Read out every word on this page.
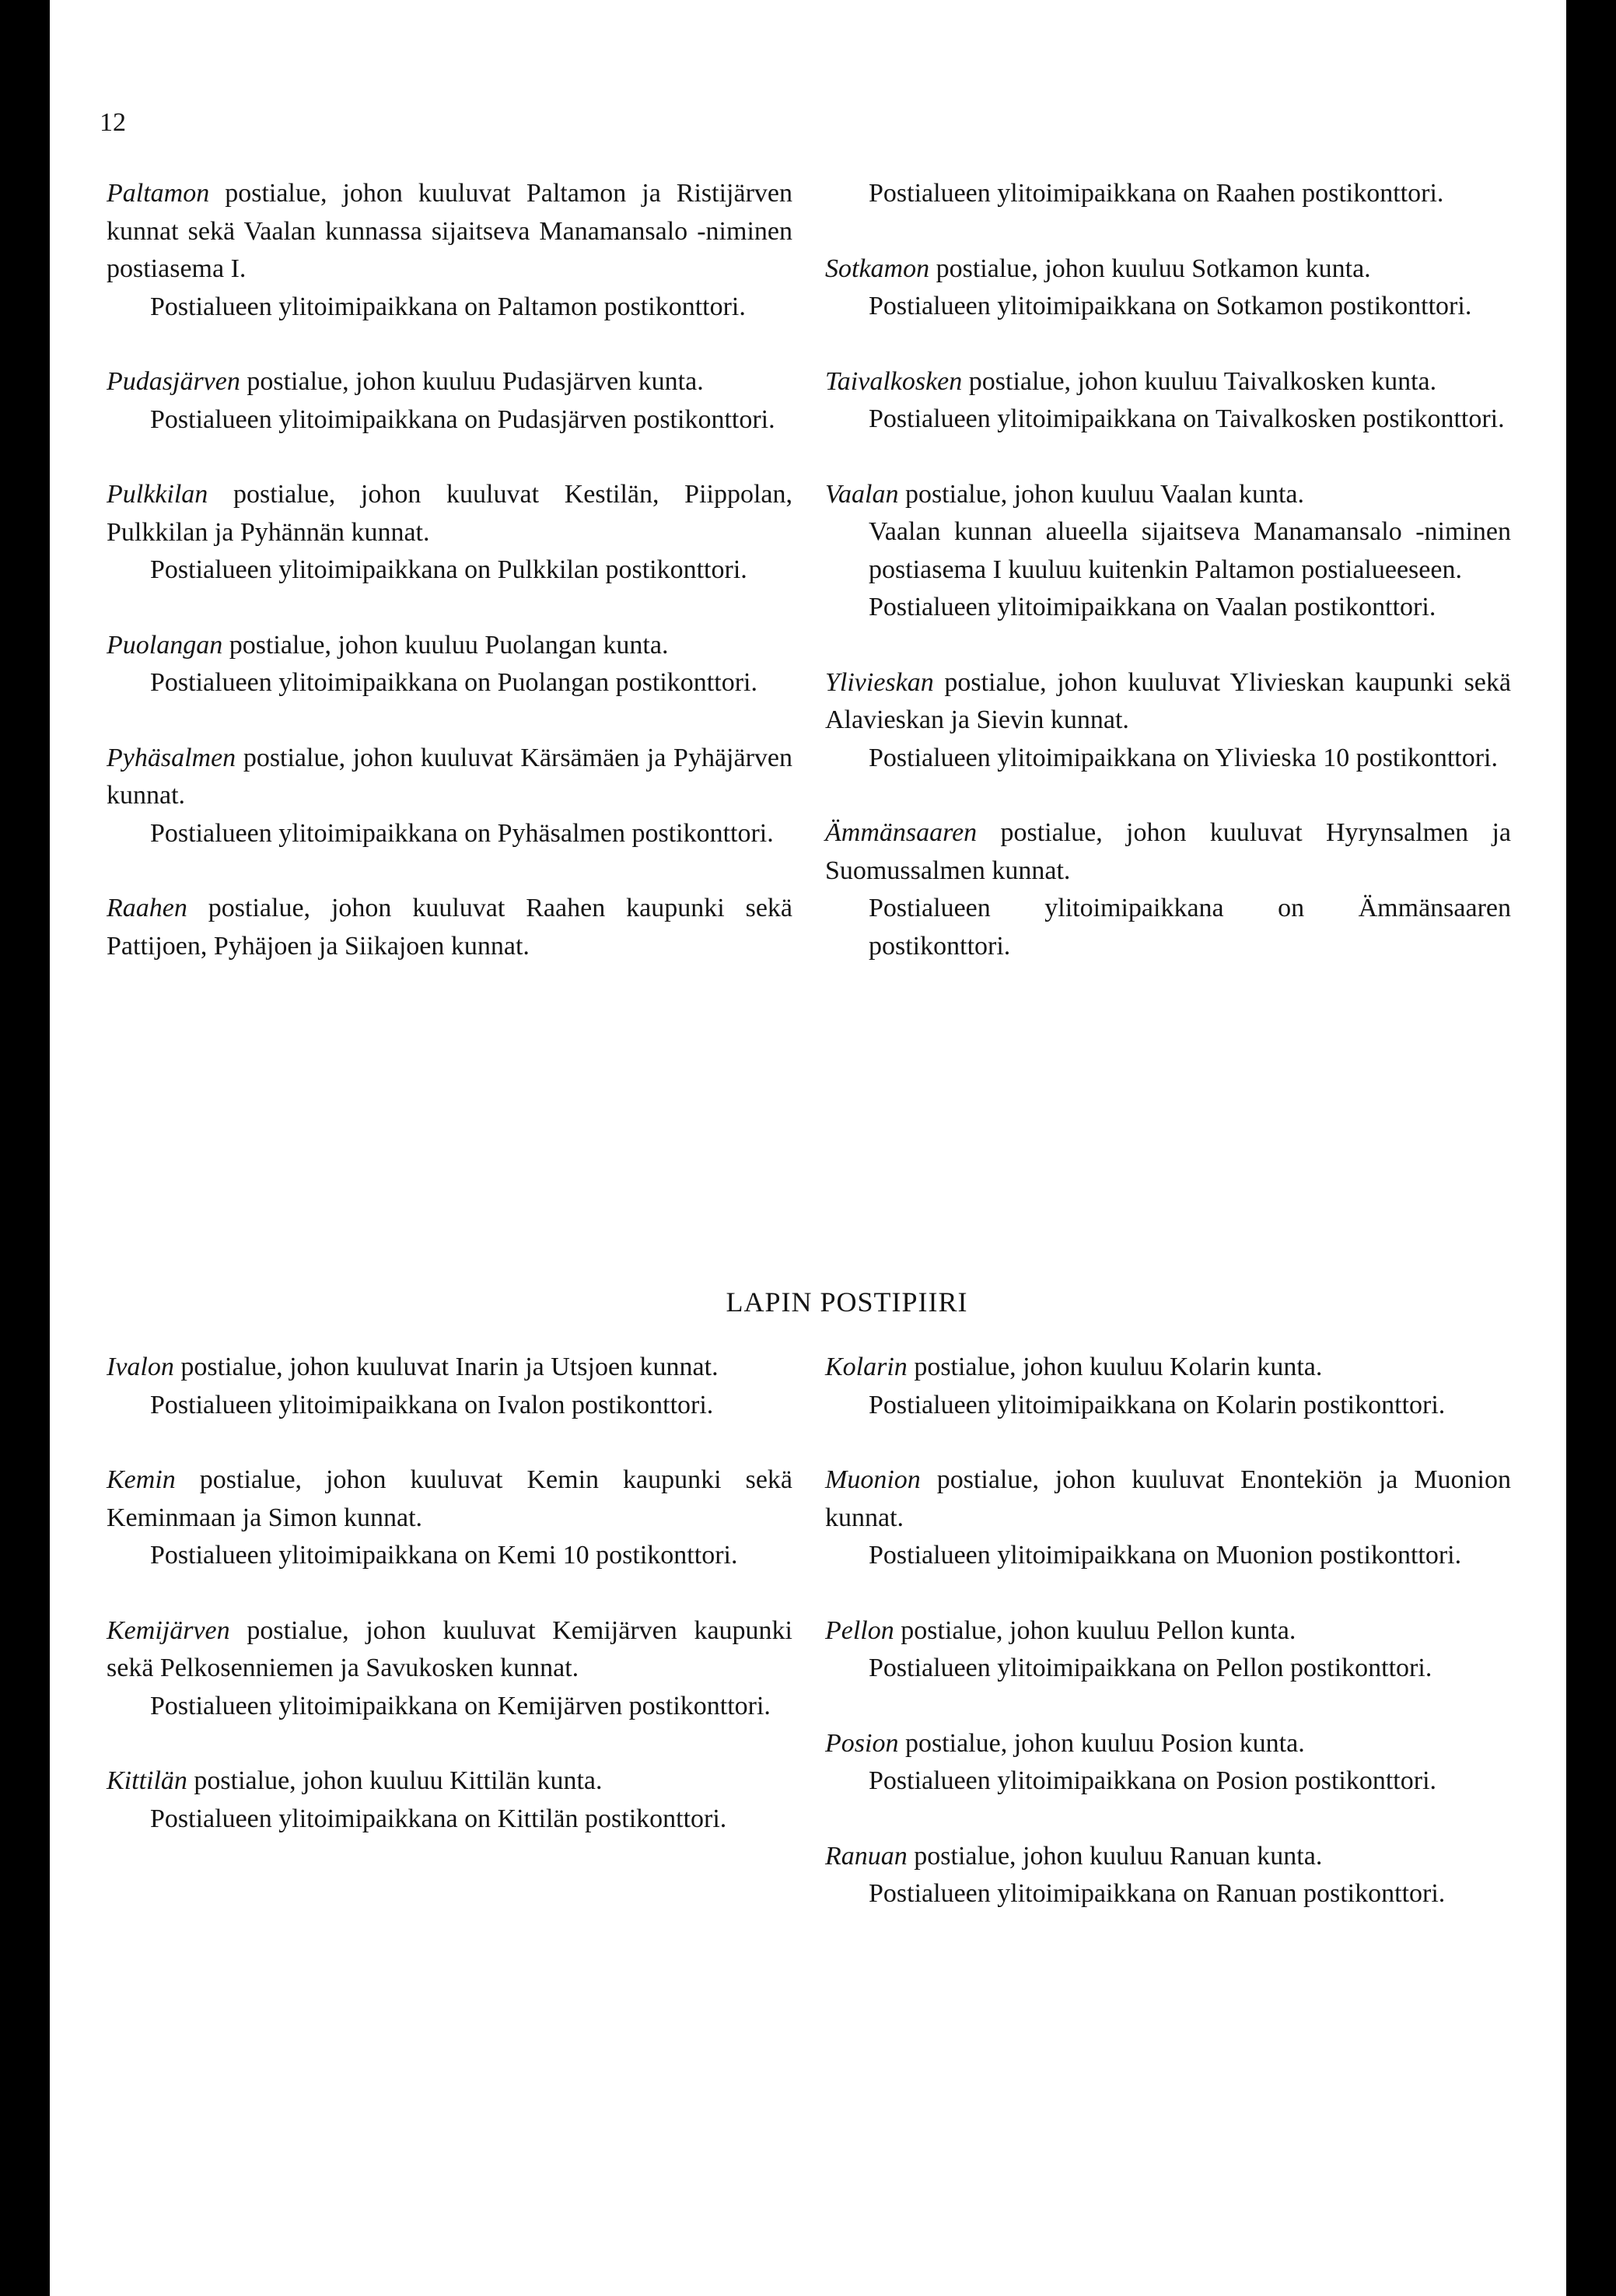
12

Paltamon postialue, johon kuuluvat Paltamon ja Ristijärven kunnat sekä Vaalan kunnassa sijaitseva Manamansalo -niminen postiasema I.

Postialueen ylitoimipaikkana on Paltamon postikonttori.

Pudasjärven postialue, johon kuuluu Pudasjärven kunta.

Postialueen ylitoimipaikkana on Pudasjärven postikonttori.

Pulkkilan postialue, johon kuuluvat Kestilän, Piippolan, Pulkkilan ja Pyhännän kunnat.

Postialueen ylitoimipaikkana on Pulkkilan postikonttori.

Puolangan postialue, johon kuuluu Puolangan kunta.

Postialueen ylitoimipaikkana on Puolangan postikonttori.

Pyhäsalmen postialue, johon kuuluvat Kärsämäen ja Pyhäjärven kunnat.

Postialueen ylitoimipaikkana on Pyhäsalmen postikonttori.

Raahen postialue, johon kuuluvat Raahen kaupunki sekä Pattijoen, Pyhäjoen ja Siikajoen kunnat.

Postialueen ylitoimipaikkana on Raahen postikonttori.

Sotkamon postialue, johon kuuluu Sotkamon kunta.

Postialueen ylitoimipaikkana on Sotkamon postikonttori.

Taivalkosken postialue, johon kuuluu Taivalkosken kunta.

Postialueen ylitoimipaikkana on Taivalkosken postikonttori.

Vaalan postialue, johon kuuluu Vaalan kunta.

Vaalan kunnan alueella sijaitseva Manamansalo -niminen postiasema I kuuluu kuitenkin Paltamon postialueeseen.

Postialueen ylitoimipaikkana on Vaalan postikonttori.

Ylivieskan postialue, johon kuuluvat Ylivieskan kaupunki sekä Alavieskan ja Sievin kunnat.

Postialueen ylitoimipaikkana on Ylivieska 10 postikonttori.

Ämmänsaaren postialue, johon kuuluvat Hyrynsalmen ja Suomussalmen kunnat.

Postialueen ylitoimipaikkana on Ämmänsaaren postikonttori.

LAPIN POSTIPIIRI

Ivalon postialue, johon kuuluvat Inarin ja Utsjoen kunnat.

Postialueen ylitoimipaikkana on Ivalon postikonttori.

Kemin postialue, johon kuuluvat Kemin kaupunki sekä Keminmaan ja Simon kunnat.

Postialueen ylitoimipaikkana on Kemi 10 postikonttori.

Kemijärven postialue, johon kuuluvat Kemijärven kaupunki sekä Pelkosenniemen ja Savukosken kunnat.

Postialueen ylitoimipaikkana on Kemijärven postikonttori.

Kittilän postialue, johon kuuluu Kittilän kunta.

Postialueen ylitoimipaikkana on Kittilän postikonttori.

Kolarin postialue, johon kuuluu Kolarin kunta.

Postialueen ylitoimipaikkana on Kolarin postikonttori.

Muonion postialue, johon kuuluvat Enontekiön ja Muonion kunnat.

Postialueen ylitoimipaikkana on Muonion postikonttori.

Pellon postialue, johon kuuluu Pellon kunta.

Postialueen ylitoimipaikkana on Pellon postikonttori.

Posion postialue, johon kuuluu Posion kunta.

Postialueen ylitoimipaikkana on Posion postikonttori.

Ranuan postialue, johon kuuluu Ranuan kunta.

Postialueen ylitoimipaikkana on Ranuan postikonttori.
